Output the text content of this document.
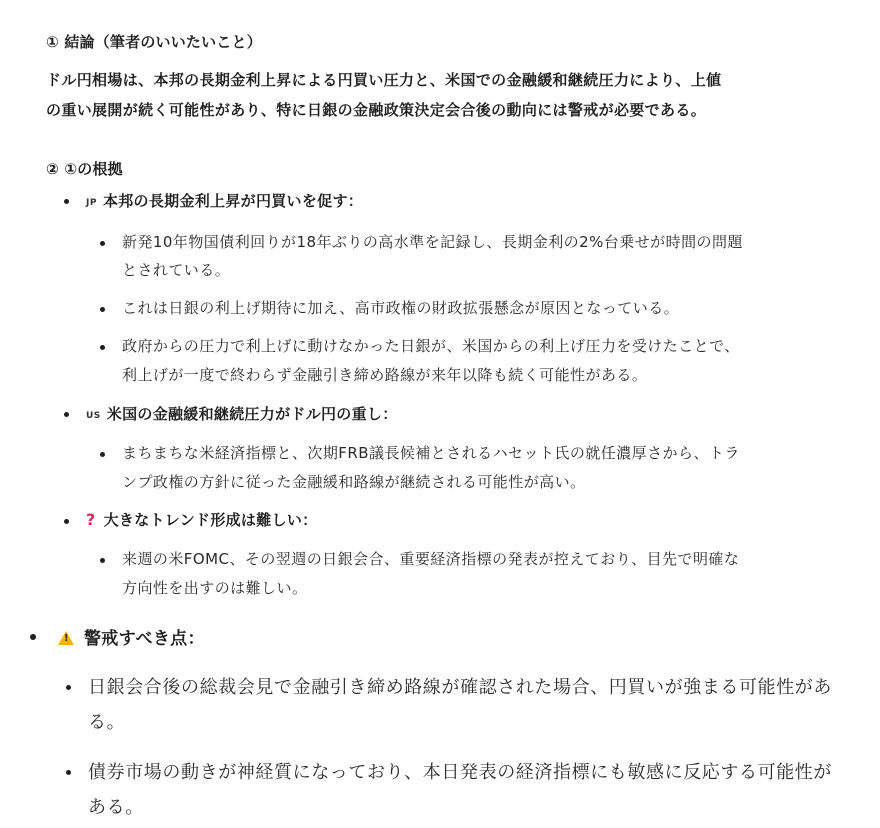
① 結論（筆者のいいたいこと）
ドル円相場は、本邦の長期金利上昇による円買い圧力と、米国での金融緩和継続圧力により、上値
の重い展開が続く可能性があり、特に日銀の金融政策決定会合後の動向には警戒が必要である。
② ①の根拠
JP 本邦の長期金利上昇が円買いを促す：
新発10年物国債利回りが18年ぶりの高水準を記録し、長期金利の2%台乗せが時間の問題
とされている。
これは日銀の利上げ期待に加え、高市政権の財政拡張懸念が原因となっている。
政府からの圧力で利上げに動けなかった日銀が、米国からの利上げ圧力を受けたことで、
利上げが一度で終わらず金融引き締め路線が来年以降も続く可能性がある。
US 米国の金融緩和継続圧力がドル円の重し：
まちまちな米経済指標と、次期FRB議長候補とされるハセット氏の就任濃厚さから、トラ
ンプ政権の方針に従った金融緩和路線が継続される可能性が高い。
? 大きなトレンド形成は難しい：
来週の米FOMC、その翌週の日銀会合、重要経済指標の発表が控えており、目先で明確な
方向性を出すのは難しい。
!警戒すべき点：
日銀会合後の総裁会見で金融引き締め路線が確認された場合、円買いが強まる可能性があ
る。
債券市場の動きが神経質になっており、本日発表の経済指標にも敏感に反応する可能性が
ある。
